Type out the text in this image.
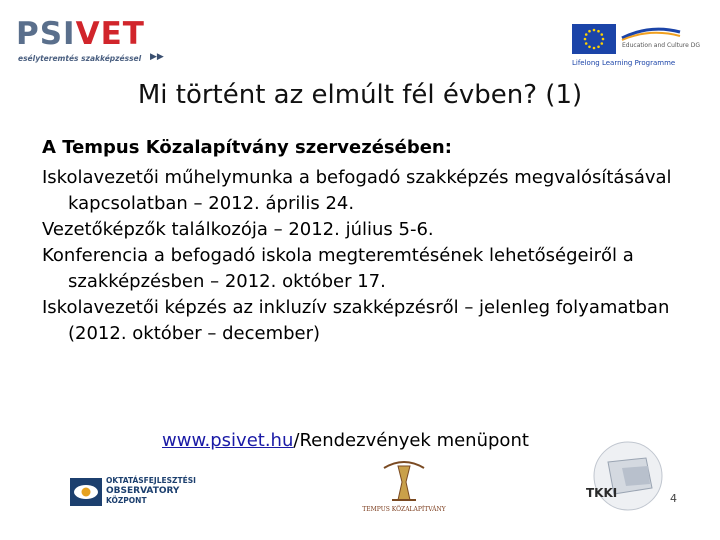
PSIVET
esélyteremtés szakképzéssel ▶▶
Education and Culture DG
Lifelong Learning Programme
Mi történt az elmúlt fél évben? (1)

A Tempus Közalapítvány szervezésében:

Iskolavezetői műhelymunka a befogadó szakképzés megvalósításával kapcsolatban – 2012. április 24.

Vezetőképzők találkozója – 2012. július 5-6.

Konferencia a befogadó iskola megteremtésének lehetőségeiről a szakképzésben – 2012. október 17.

Iskolavezetői képzés az inkluzív szakképzésről – jelenleg folyamatban (2012. október – december)

www.psivet.hu/Rendezvények menüpont
OKTATÁSFEJLESZTÉSI
OBSERVATORY
KÖZPONT
TEMPUS KÖZALAPÍTVÁNY
TKKI	4
